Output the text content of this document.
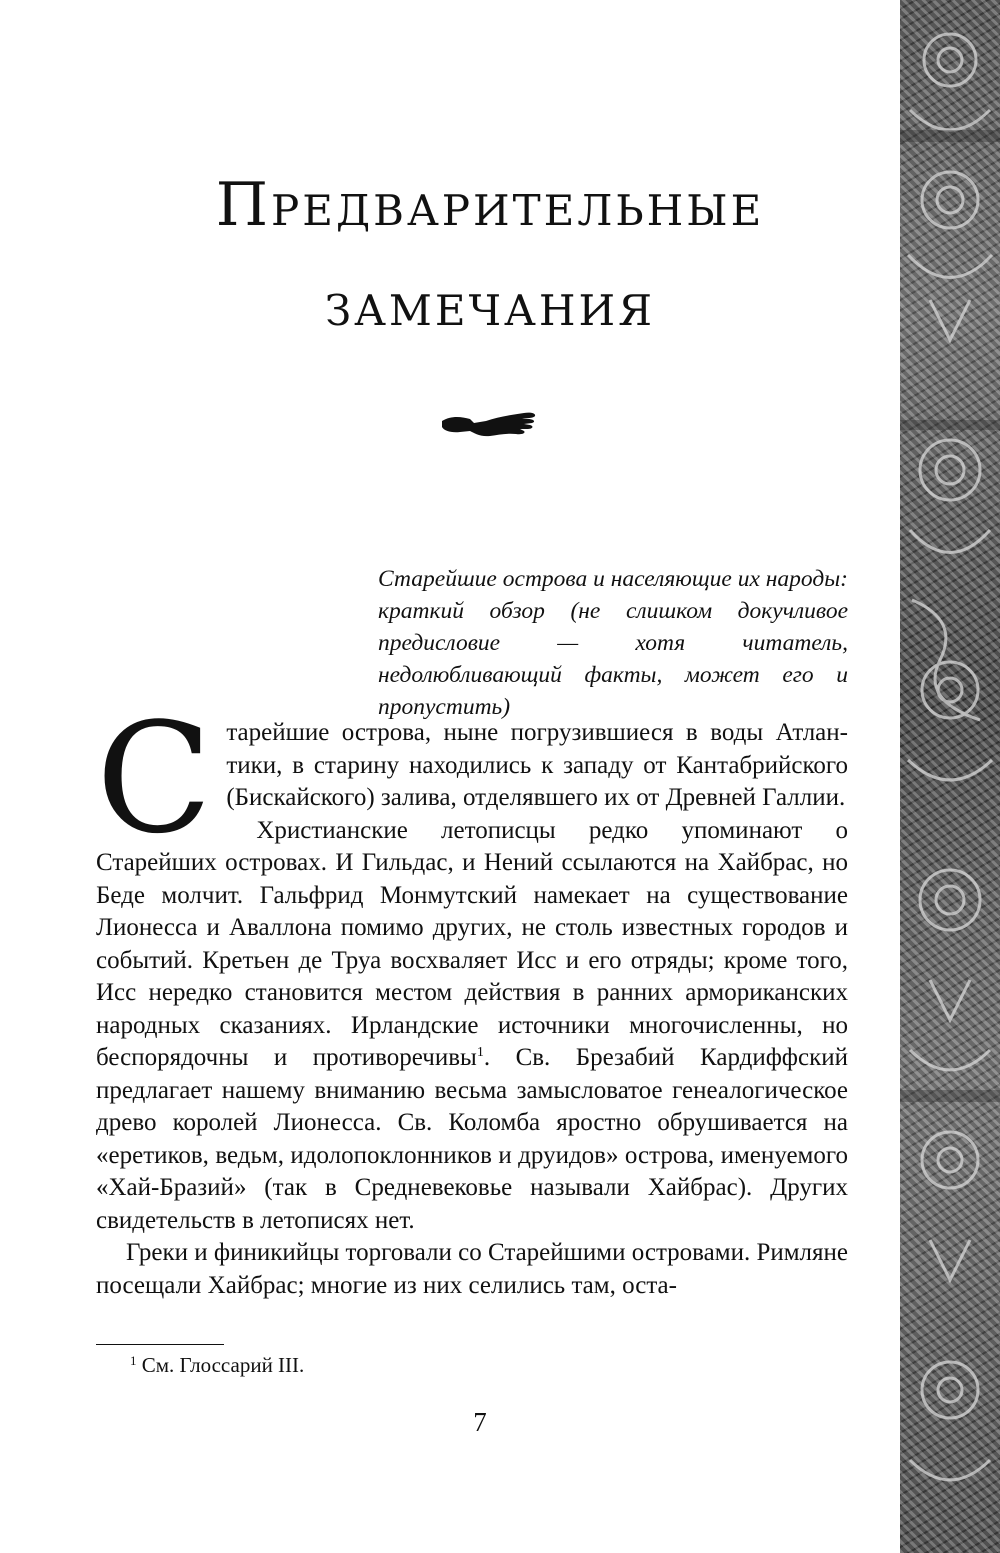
Предварительные
замечания

Старейшие острова и населяющие их народы: краткий обзор (не слишком докучливое предисловие — хотя читатель, недолюбливающий факты, может его и пропустить)

Старейшие острова, ныне погрузившиеся в воды Атлантики, в старину находились к западу от Кантабрийского (Бискайского) залива, отделявшего их от Древней Галлии.

Христианские летописцы редко упоминают о Старейших островах. И Гильдас, и Нений ссылаются на Хайбрас, но Беде молчит. Гальфрид Монмутский намекает на существование Лионесса и Аваллона помимо других, не столь известных городов и событий. Кретьен де Труа восхваляет Исс и его отряды; кроме того, Исс нередко становится местом действия в ранних армориканских народных сказаниях. Ирландские источники многочисленны, но беспорядочны и противоречивы$^1$. Св. Брезабий Кардиффский предлагает нашему вниманию весьма замысловатое генеалогическое древо королей Лионесса. Св. Коломба яростно обрушивается на «еретиков, ведьм, идолопоклонников и друидов» острова, именуемого «Хай-Бразий» (так в Средневековье называли Хайбрас). Других свидетельств в летописях нет.

Греки и финикийцы торговали со Старейшими островами. Римляне посещали Хайбрас; многие из них селились там, оста-

$^1$ См. Глоссарий III.

7
